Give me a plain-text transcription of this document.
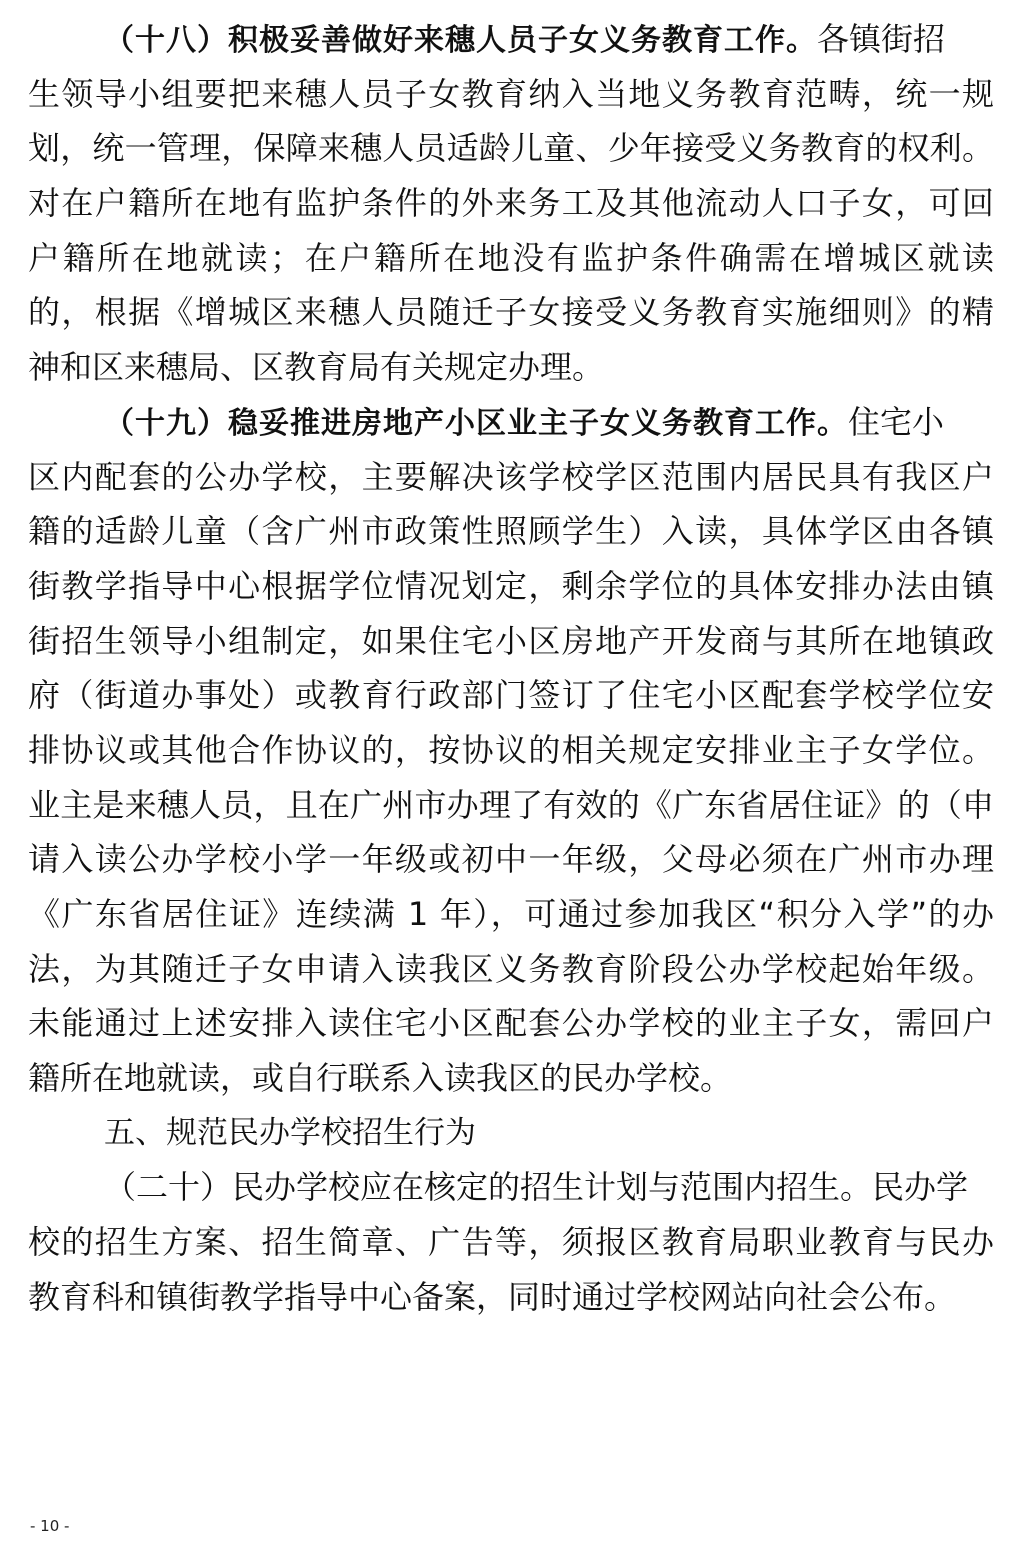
（十八）积极妥善做好来穗人员子女义务教育工作。各镇街招
生领导小组要把来穗人员子女教育纳入当地义务教育范畴，统一规
划，统一管理，保障来穗人员适龄儿童、少年接受义务教育的权利。
对在户籍所在地有监护条件的外来务工及其他流动人口子女，可回
户籍所在地就读；在户籍所在地没有监护条件确需在增城区就读
的，根据《增城区来穗人员随迁子女接受义务教育实施细则》的精
神和区来穗局、区教育局有关规定办理。
（十九）稳妥推进房地产小区业主子女义务教育工作。住宅小
区内配套的公办学校，主要解决该学校学区范围内居民具有我区户
籍的适龄儿童（含广州市政策性照顾学生）入读，具体学区由各镇
街教学指导中心根据学位情况划定，剩余学位的具体安排办法由镇
街招生领导小组制定，如果住宅小区房地产开发商与其所在地镇政
府（街道办事处）或教育行政部门签订了住宅小区配套学校学位安
排协议或其他合作协议的，按协议的相关规定安排业主子女学位。
业主是来穗人员，且在广州市办理了有效的《广东省居住证》的（申
请入读公办学校小学一年级或初中一年级，父母必须在广州市办理
《广东省居住证》连续满 1 年），可通过参加我区“积分入学”的办
法，为其随迁子女申请入读我区义务教育阶段公办学校起始年级。
未能通过上述安排入读住宅小区配套公办学校的业主子女，需回户
籍所在地就读，或自行联系入读我区的民办学校。
五、规范民办学校招生行为
（二十）民办学校应在核定的招生计划与范围内招生。民办学
校的招生方案、招生简章、广告等，须报区教育局职业教育与民办
教育科和镇街教学指导中心备案，同时通过学校网站向社会公布。
- 10 -
